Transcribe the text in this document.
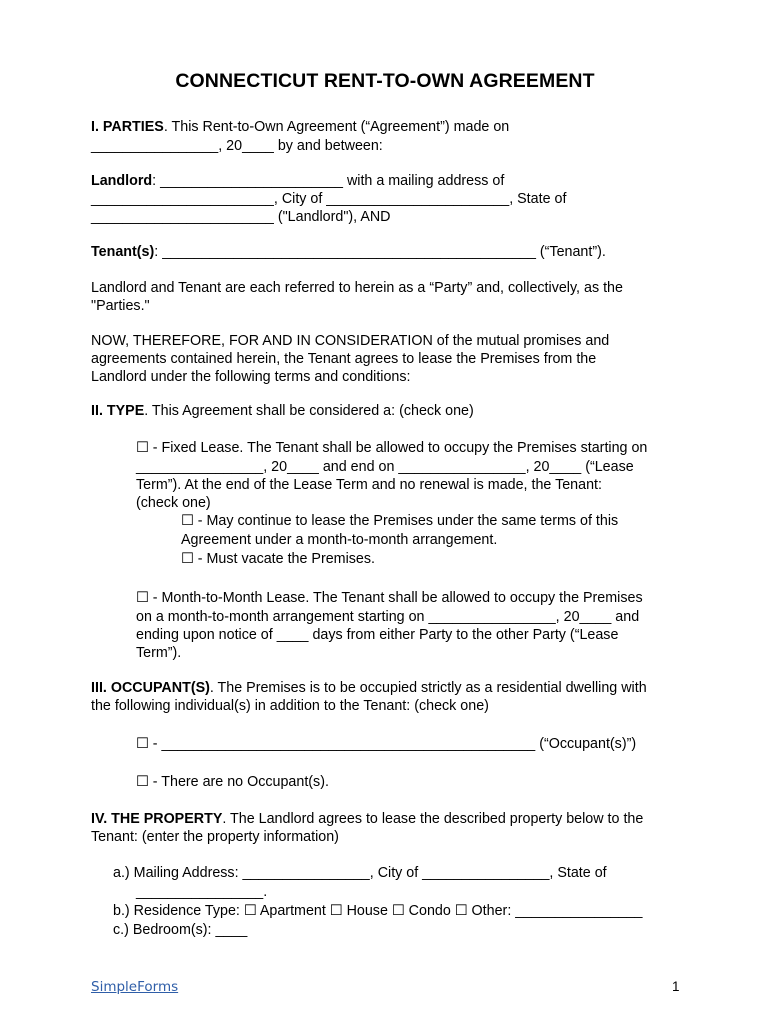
CONNECTICUT RENT-TO-OWN AGREEMENT
I. PARTIES. This Rent-to-Own Agreement (“Agreement”) made on
________________, 20____ by and between:
Landlord: _______________________ with a mailing address of
_______________________, City of _______________________, State of
_______________________ ("Landlord"), AND
Tenant(s): _______________________________________________ (“Tenant”).
Landlord and Tenant are each referred to herein as a “Party” and, collectively, as the
"Parties."
NOW, THEREFORE, FOR AND IN CONSIDERATION of the mutual promises and
agreements contained herein, the Tenant agrees to lease the Premises from the
Landlord under the following terms and conditions:
II. TYPE. This Agreement shall be considered a: (check one)
☐ - Fixed Lease. The Tenant shall be allowed to occupy the Premises starting on
________________, 20____ and end on ________________, 20____ (“Lease
Term”). At the end of the Lease Term and no renewal is made, the Tenant:
(check one)
☐ - May continue to lease the Premises under the same terms of this
Agreement under a month-to-month arrangement.
☐ - Must vacate the Premises.
☐ - Month-to-Month Lease. The Tenant shall be allowed to occupy the Premises
on a month-to-month arrangement starting on ________________, 20____ and
ending upon notice of ____ days from either Party to the other Party (“Lease
Term”).
III. OCCUPANT(S). The Premises is to be occupied strictly as a residential dwelling with
the following individual(s) in addition to the Tenant: (check one)
☐ - _______________________________________________ (“Occupant(s)”)
☐ - There are no Occupant(s).
IV. THE PROPERTY. The Landlord agrees to lease the described property below to the
Tenant: (enter the property information)
a.) Mailing Address: ________________, City of ________________, State of
________________.
b.) Residence Type: ☐ Apartment ☐ House ☐ Condo ☐ Other: ________________
c.) Bedroom(s): ____
SimpleForms	1
